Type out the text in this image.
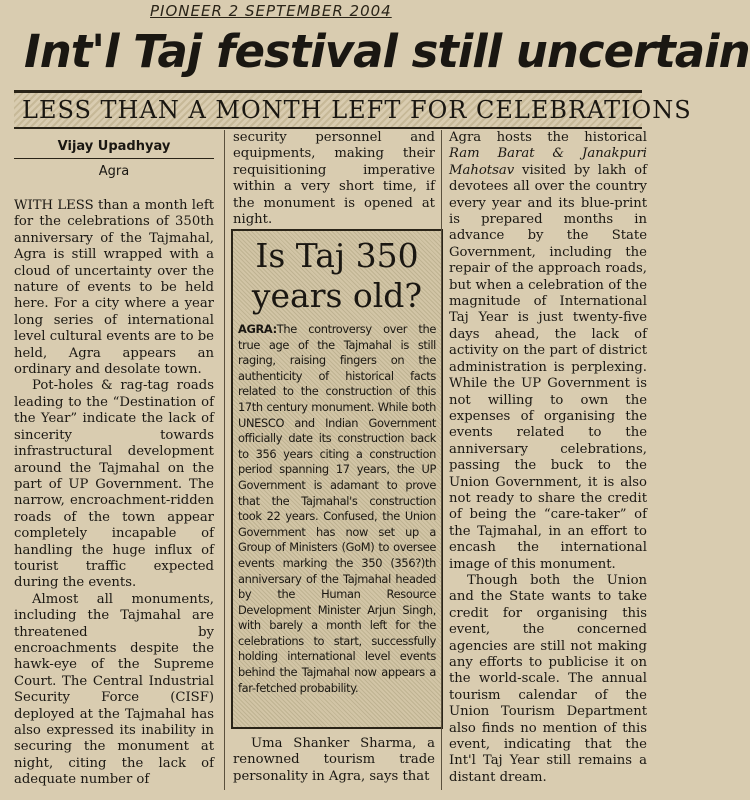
PIONEER 2 SEPTEMBER 2004
Int'l Taj festival still uncertain
LESS THAN A MONTH LEFT FOR CELEBRATIONS
Vijay Upadhyay
Agra

WITH LESS than a month left for the celebrations of 350th anniversary of the Tajmahal, Agra is still wrapped with a cloud of uncertainty over the nature of events to be held here. For a city where a year long series of international level cultural events are to be held, Agra appears an ordinary and desolate town.

Pot-holes & rag-tag roads leading to the “Destination of the Year” indicate the lack of sincerity towards infrastructural development around the Tajmahal on the part of UP Government. The narrow, encroachment-ridden roads of the town appear completely incapable of handling the huge influx of tourist traffic expected during the events.

Almost all monuments, including the Tajmahal are threatened by encroachments despite the hawk-eye of the Supreme Court. The Central Industrial Security Force (CISF) deployed at the Tajmahal has also expressed its inability in securing the monument at night, citing the lack of adequate number of

security personnel and equipments, making their requisitioning imperative within a very short time, if the monument is opened at night.

Is Taj 350 years old?
AGRA:The controversy over the true age of the Tajmahal is still raging, raising fingers on the authenticity of historical facts related to the construction of this 17th century monument. While both UNESCO and Indian Government officially date its construction back to 356 years citing a construction period spanning 17 years, the UP Government is adamant to prove that the Tajmahal's construction took 22 years. Confused, the Union Government has now set up a Group of Ministers (GoM) to oversee events marking the 350 (356?)th anniversary of the Tajmahal headed by the Human Resource Development Minister Arjun Singh, with barely a month left for the celebrations to start, successfully holding international level events behind the Tajmahal now appears a far-fetched probability.

Uma Shanker Sharma, a renowned tourism trade personality in Agra, says that

Agra hosts the historical Ram Barat & Janakpuri Mahotsav visited by lakh of devotees all over the country every year and its blue-print is prepared months in advance by the State Government, including the repair of the approach roads, but when a celebration of the magnitude of International Taj Year is just twenty-five days ahead, the lack of activity on the part of district administration is perplexing. While the UP Government is not willing to own the expenses of organising the events related to the anniversary celebrations, passing the buck to the Union Government, it is also not ready to share the credit of being the “care-taker” of the Tajmahal, in an effort to encash the international image of this monument.

Though both the Union and the State wants to take credit for organising this event, the concerned agencies are still not making any efforts to publicise it on the world-scale. The annual tourism calendar of the Union Tourism Department also finds no mention of this event, indicating that the Int'l Taj Year still remains a distant dream.
